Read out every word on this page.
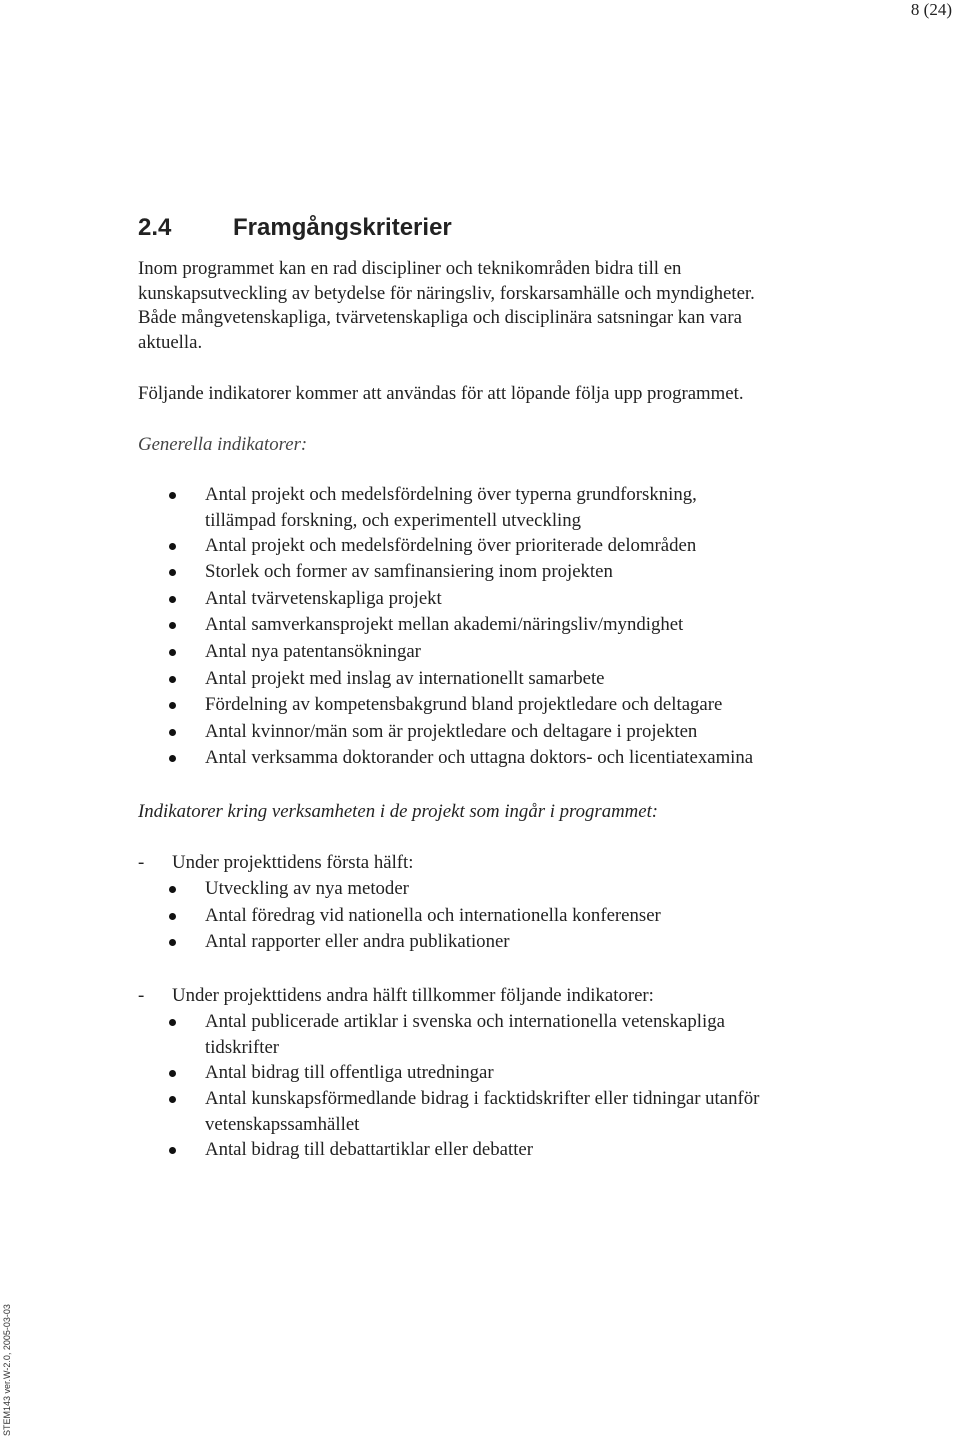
8 (24)
2.4	Framgångskriterier

Inom programmet kan en rad discipliner och teknikområden bidra till en

kunskapsutveckling av betydelse för näringsliv, forskarsamhälle och myndigheter.

Både mångvetenskapliga, tvärvetenskapliga och disciplinära satsningar kan vara

aktuella.

Följande indikatorer kommer att användas för att löpande följa upp programmet.

Generella indikatorer:

Antal projekt och medelsfördelning över typerna grundforskning,
tillämpad forskning, och experimentell utveckling
Antal projekt och medelsfördelning över prioriterade delområden
Storlek och former av samfinansiering inom projekten
Antal tvärvetenskapliga projekt
Antal samverkansprojekt mellan akademi/näringsliv/myndighet
Antal nya patentansökningar
Antal projekt med inslag av internationellt samarbete
Fördelning av kompetensbakgrund bland projektledare och deltagare
Antal kvinnor/män som är projektledare och deltagare i projekten
Antal verksamma doktorander och uttagna doktors- och licentiatexamina

Indikatorer kring verksamheten i de projekt som ingår i programmet:

- Under projekttidens första hälft:
Utveckling av nya metoder
Antal föredrag vid nationella och internationella konferenser
Antal rapporter eller andra publikationer
- Under projekttidens andra hälft tillkommer följande indikatorer:
Antal publicerade artiklar i svenska och internationella vetenskapliga
tidskrifter
Antal bidrag till offentliga utredningar
Antal kunskapsförmedlande bidrag i facktidskrifter eller tidningar utanför
vetenskapssamhället
Antal bidrag till debattartiklar eller debatter
STEM143 ver.W-2.0, 2005-03-03
